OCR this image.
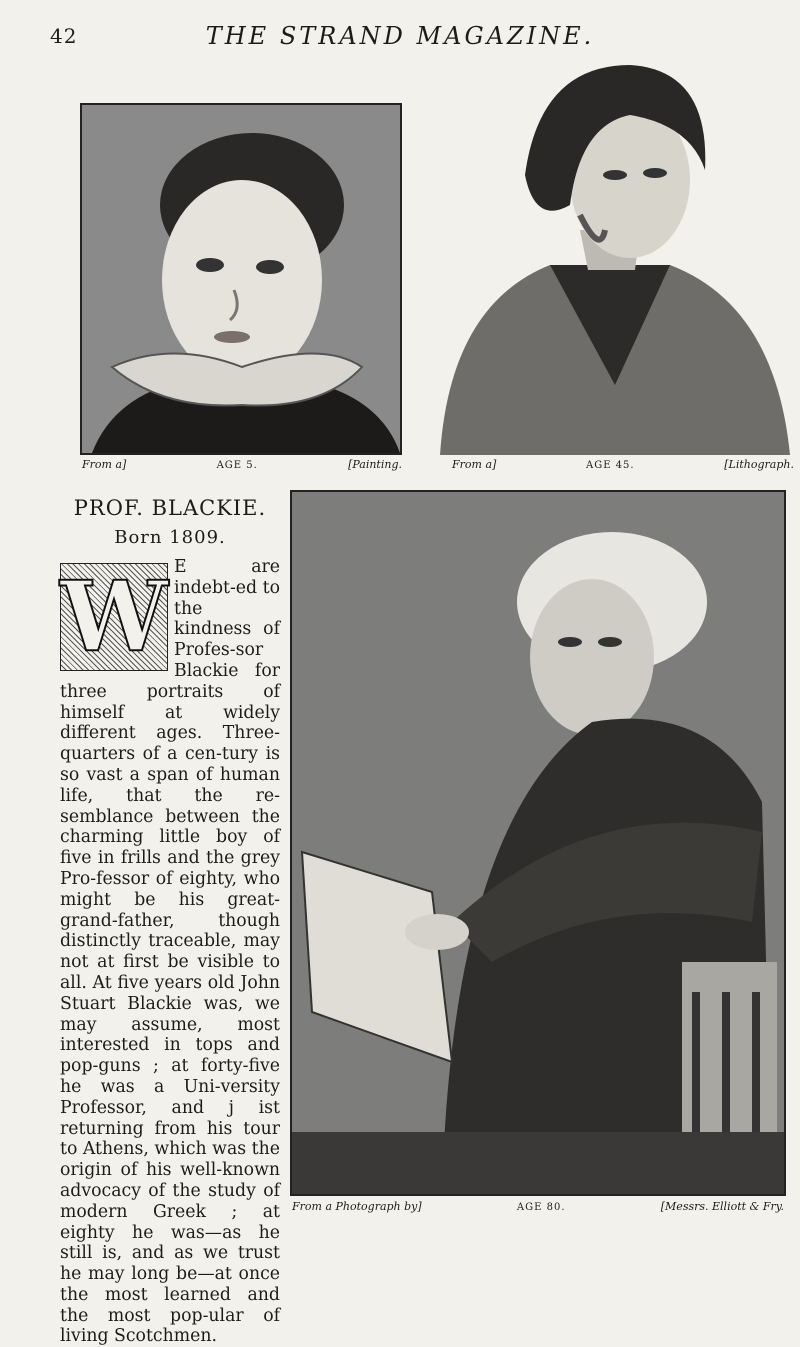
42	THE STRAND MAGAZINE.
From a]	AGE 5.	[Painting.	From a]	AGE 45.	[Lithograph.
PROF. BLACKIE.
Born 1809.
W E are indebt-ed to the kindness of Profes-sor Blackie for three portraits of himself at widely different ages. Three-quarters of a cen-tury is so vast a span of human life, that the re-semblance between the charming little boy of five in frills and the grey Pro-fessor of eighty, who might be his great-grand-father, though distinctly traceable, may not at first be visible to all. At five years old John Stuart Blackie was, we may assume, most interested in tops and pop-guns ; at forty-five he was a Uni-versity Professor, and j ist returning from his tour to Athens, which was the origin of his well-known advocacy of the study of modern Greek ; at eighty he was—as he still is, and as we trust he may long be—at once the most learned and the most pop-ular of living Scotchmen.
From a Photograph by]	AGE 80.	[Messrs. Elliott & Fry.
